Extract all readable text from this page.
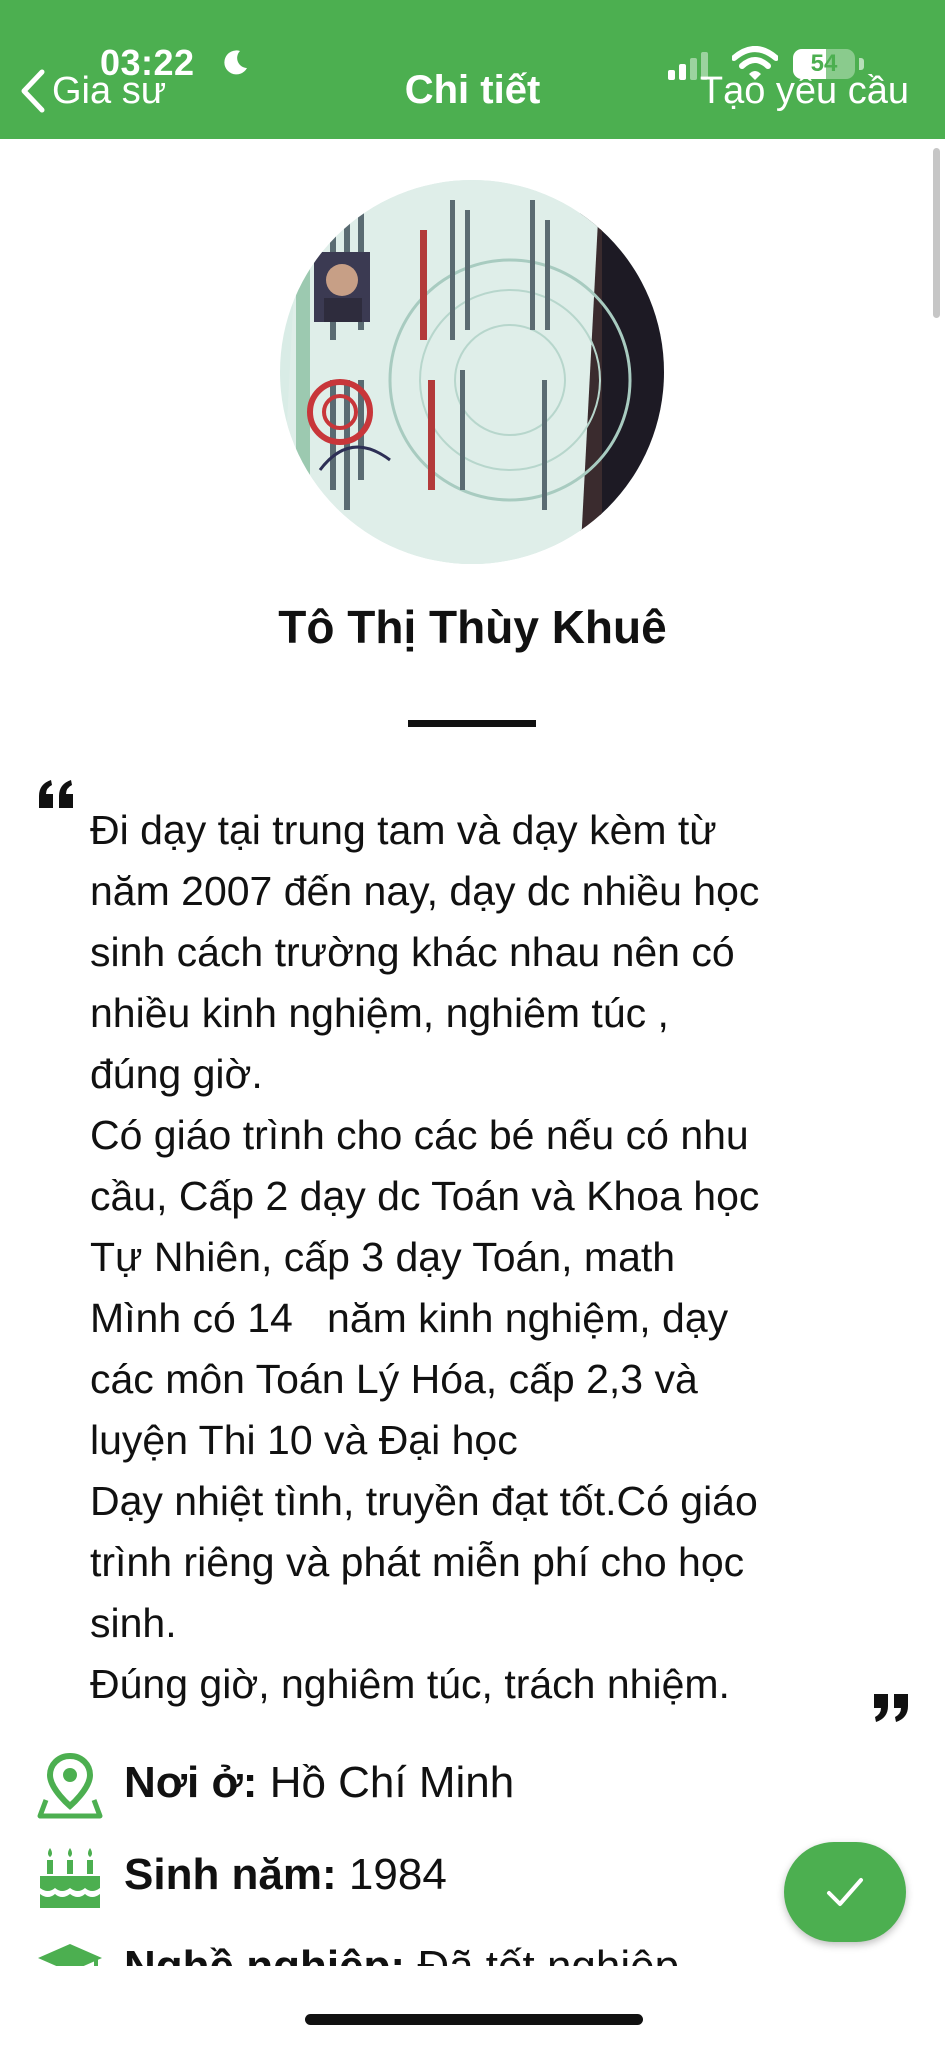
03:22	54
Gia sư	Chi tiết	Tạo yêu cầu
Tô Thị Thùy Khuê
Đi dạy tại trung tam và dạy kèm từ
năm 2007 đến nay, dạy dc nhiều học
sinh cách trường khác nhau nên có
nhiều kinh nghiệm, nghiêm túc ,
đúng giờ.
Có giáo trình cho các bé nếu có nhu
cầu, Cấp 2 dạy dc Toán và Khoa học
Tự Nhiên, cấp 3 dạy Toán, math
Mình có 14   năm kinh nghiệm, dạy
các môn Toán Lý Hóa, cấp 2,3 và
luyện Thi 10 và Đại học
Dạy nhiệt tình, truyền đạt tốt.Có giáo
trình riêng và phát miễn phí cho học
sinh.
Đúng giờ, nghiêm túc, trách nhiệm.
Nơi ở: Hồ Chí Minh
Sinh năm: 1984
